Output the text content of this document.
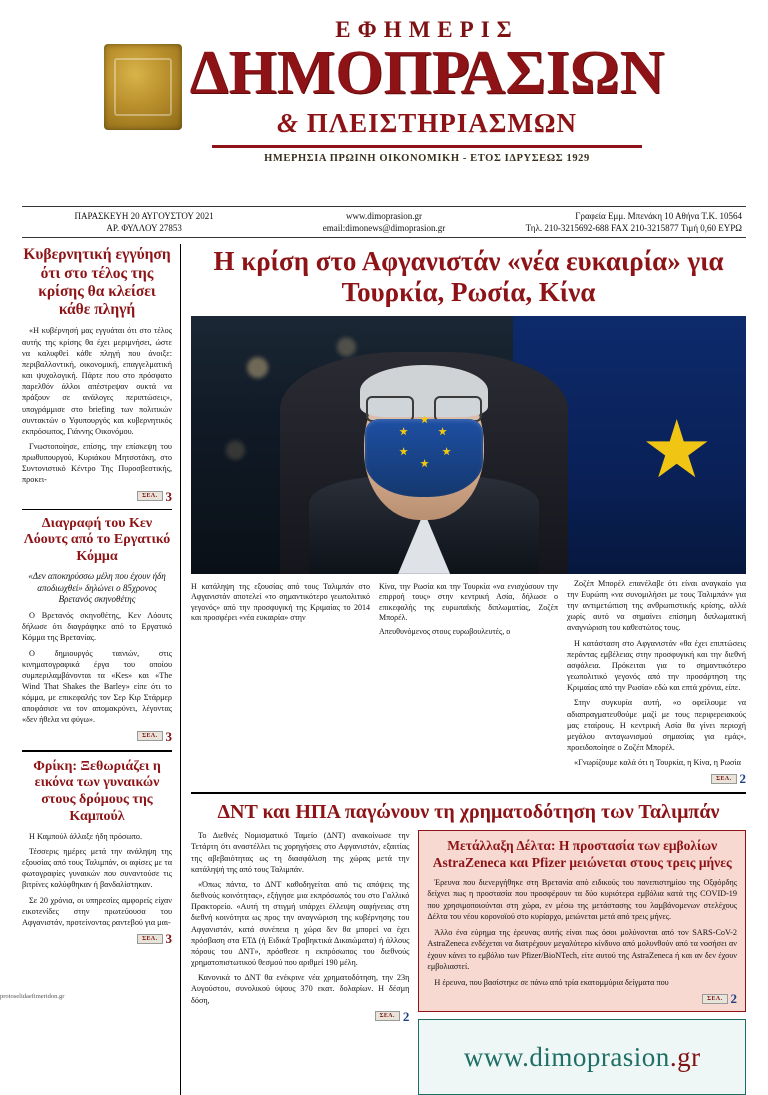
ΕΦΗΜΕΡΙΣ
ΔΗΜΟΠΡΑΣΙΩΝ
& ΠΛΕΙΣΤΗΡΙΑΣΜΩΝ
ΗΜΕΡΗΣΙΑ ΠΡΩΙΝΗ ΟΙΚΟΝΟΜΙΚΗ - ΕΤΟΣ ΙΔΡΥΣΕΩΣ 1929
ΠΑΡΑΣΚΕΥΗ 20 ΑΥΓΟΥΣΤΟΥ 2021
ΑΡ. ΦΥΛΛΟΥ 27853
www.dimoprasion.gr
email:dimonews@dimoprasion.gr
Γραφεία Εμμ. Μπενάκη 10 Αθήνα Τ.Κ. 10564
Τηλ. 210-3215692-688 FAX 210-3215877 Τιμή 0,60 ΕΥΡΩ
Κυβερνητική εγγύηση ότι στο τέλος της κρίσης θα κλείσει κάθε πληγή

«Η κυβέρνησή μας εγγυάται ότι στο τέλος αυτής της κρίσης θα έχει μεριμνήσει, ώστε να καλυφθεί κάθε πληγή που άνοιξε: περιβαλλοντική, οικονομική, επαγγελματική και ψυχολογική. Πάρτε που στο πρόσφατο παρελθόν άλλοι απέστρεψαν ουκτά να πράξουν σε ανάλογες περιπτώσεις», υπογράμμισε στο briefing των πολιτικών συντακτών ο Υφυπουργός και κυβερνητικός εκπρόσωπος, Γιάννης Οικονόμου.

Γνωστοποίησε, επίσης, την επίσκεψη του πρωθυπουργού, Κυριάκου Μητσοτάκη, στο Συντονιστικό Κέντρο Της Πυροσβεστικής, προκει-

ΣΕΛ. 3
Διαγραφή του Κεν Λόουτς από το Εργατικό Κόμμα
«Δεν αποκηρύσσω μέλη που έχουν ήδη αποδιωχθεί» δηλώνει ο 85χρονος Βρετανός σκηνοθέτης

Ο Βρετανός σκηνοθέτης, Κεν Λόουτς δήλωσε ότι διαγράφηκε από το Εργατικό Κόμμα της Βρετανίας.

Ο δημιουργός ταινιών, στις κινηματογραφικά έργα του οποίου συμπεριλαμβάνονται τα «Kes» και «The Wind That Shakes the Barley» είπε ότι το κόμμα, με επικεφαλής τον Σερ Κιρ Στάρμερ αποφάσισε να τον απομακρύνει, λέγοντας «δεν ήθελα να φύγω».

ΣΕΛ. 3
Φρίκη: Ξεθωριάζει η εικόνα των γυναικών στους δρόμους της Καμπούλ

Η Καμπούλ άλλαξε ήδη πρόσωπο.

Τέσσερις ημέρες μετά την ανάληψη της εξουσίας από τους Ταλιμπάν, οι αφίσες με τα φωτογραφίες γυναικών που συναντούσε τις βιτρίνες καλύφθηκαν ή βανδαλίστηκαν.

Σε 20 χρόνια, οι υπηρεσίες αμφορείς είχαν εικοτενίδες στην πρωτεύουσα του Αφγανιστάν, προτείνοντας ραντεβού για μαι-

ΣΕΛ. 3
Η κρίση στο Αφγανιστάν «νέα ευκαιρία» για Τουρκία, Ρωσία, Κίνα
Η κατάληψη της εξουσίας από τους Ταλιμπάν στο Αφγανιστάν αποτελεί «το σημαντικότερο γεωπολιτικό γεγονός» από την προσφυγική της Κριμαίας το 2014 και προσφέρει «νέα ευκαιρία» στην
Κίνα, την Ρωσία και την Τουρκία «να ενισχύσουν την επιρροή τους» στην κεντρική Ασία, δήλωσε ο επικεφαλής της ευρωπαϊκής διπλωματίας, Ζοζέπ Μπορέλ.
Απευθυνόμενος στους ευρωβουλευτές, ο

Ζοζέπ Μπορέλ επανέλαβε ότι είναι αναγκαίο για την Ευρώπη «να συνομιλήσει με τους Ταλιμπάν» για την αντιμετώπιση της ανθρωπιστικής κρίσης, αλλά χωρίς αυτό να σημαίνει επίσημη διπλωματική αναγνώριση του καθεστώτος τους.

Η κατάσταση στο Αφγανιστάν «θα έχει επιπτώσεις περάντας εμβέλειας στην προσφυγική και την διεθνή ασφάλεια. Πρόκειται για το σημαντικότερο γεωπολιτικό γεγονός από την προσάρτηση της Κριμαίας από την Ρωσία» εδώ και επτά χρόνια, είπε.

Στην συγκυρία αυτή, «ο οφείλουμε να αδιαπραγματευθούμε μαζί με τους περιφερειακούς μας εταίρους. Η κεντρική Ασία θα γίνει περιοχή μεγάλου ανταγωνισμού σημασίας για εμάς», προειδοποίησε ο Ζοζέπ Μπορέλ.

«Γνωρίζουμε καλά ότι η Τουρκία, η Κίνα, η Ρωσία

ΣΕΛ. 2
ΔΝΤ και ΗΠΑ παγώνουν τη χρηματοδότηση των Ταλιμπάν

Το Διεθνές Νομισματικό Ταμείο (ΔΝΤ) ανακοίνωσε την Τετάρτη ότι αναστέλλει τις χορηγήσεις στο Αφγανιστάν, εξαιτίας της αβεβαιότητας ως τη διασφάλιση της χώρας μετά την κατάληψή της από τους Ταλιμπάν.

«Όπως πάντα, το ΔΝΤ καθοδηγείται από τις απόψεις της διεθνούς κοινότητας», εξήγησε μια εκπρόσωπός του στο Γαλλικό Πρακτορείο. «Αυτή τη στιγμή υπάρχει έλλειψη σαφήνειας στη διεθνή κοινότητα ως προς την αναγνώριση της κυβέρνησης του Αφγανιστάν, κατά συνέπεια η χώρα δεν θα μπορεί να έχει πρόσβαση στα ΕΤΔ (ή Ειδικά Τραβηκτικά Δικαιώματα) ή άλλους πόρους του ΔΝΤ», πρόσθεσε η εκπρόσωπος του διεθνούς χρηματοπιστωτικού θεσμού που αριθμεί 190 μέλη.

Κανονικά το ΔΝΤ θα ενέκρινε νέα χρηματοδότηση, την 23η Αυγούστου, συνολικού ύψους 370 εκατ. δολαρίων. Η δέσμη δόση,

ΣΕΛ. 2
Μετάλλαξη Δέλτα: Η προστασία των εμβολίων AstraZeneca και Pfizer μειώνεται στους τρεις μήνες

Έρευνα που διενεργήθηκε στη Βρετανία από ειδικούς του πανεπιστημίου της Οξφόρδης δείχνει πως η προστασία που προσφέρουν τα δύο κυριότερα εμβόλια κατά της COVID-19 που χρησιμοποιούνται στη χώρα, εν μέσω της μετάστασης του λαμβάνομενων στελέχους Δέλτα του νέου κορονοϊού στο κυρίαρχο, μειώνεται μετά από τρεις μήνες.

Άλλο ένα εύρημα της έρευνας αυτής είναι πως όσοι μολύνονται από τον SARS-CoV-2 AstraZeneca ενδέχεται να διατρέχουν μεγαλύτερο κίνδυνο από μολυνθούν από τα νοσήσει αν έχουν κάνει το εμβόλιο των Pfizer/BioNTech, είτε αυτού της AstraZeneca ή και αν δεν έχουν εμβολιαστεί.

Η έρευνα, που βασίστηκε σε πάνω από τρία εκατομμύρια δείγματα που

ΣΕΛ. 2
www.dimoprasion.gr
protoselidaefimeridon.gr
